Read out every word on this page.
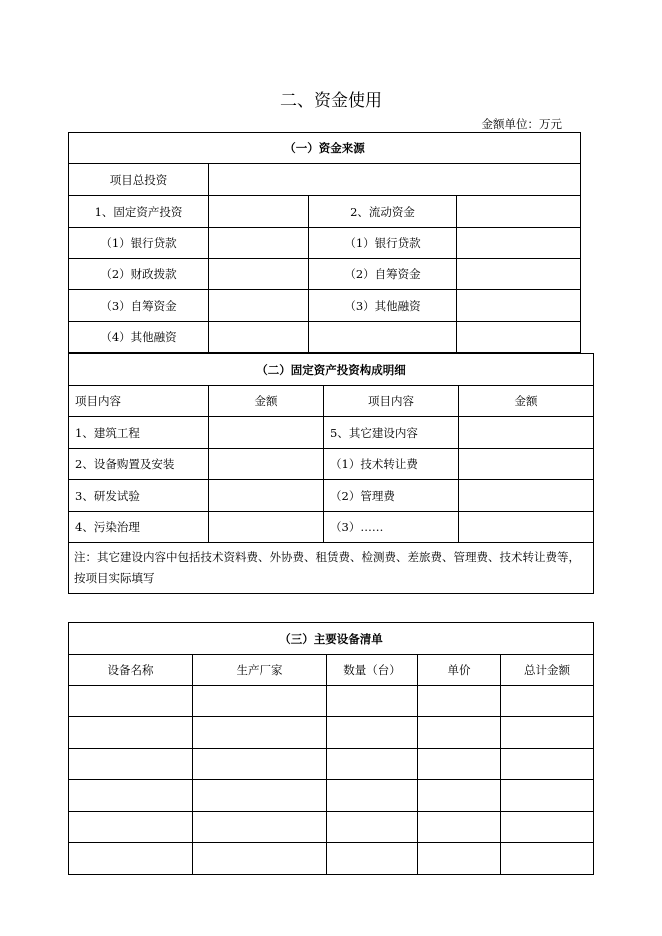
二、资金使用
金额单位：万元
（一）资金来源			
项目总投资			
1、固定资产投资		2、流动资金	
（1）银行贷款		（1）银行贷款	
（2）财政拨款		（2）自筹资金	
（3）自筹资金		（3）其他融资	
（4）其他融资			
（二）固定资产投资构成明细			
项目内容	金额	项目内容	金额
1、建筑工程		5、其它建设内容	
2、设备购置及安装		（1）技术转让费	
3、研发试验		（2）管理费	
4、污染治理		（3）……	
注：其它建设内容中包括技术资料费、外协费、租赁费、检测费、差旅费、管理费、技术转让费等，按项目实际填写			
（三）主要设备清单				
设备名称	生产厂家	数量（台）	单价	总计金额
